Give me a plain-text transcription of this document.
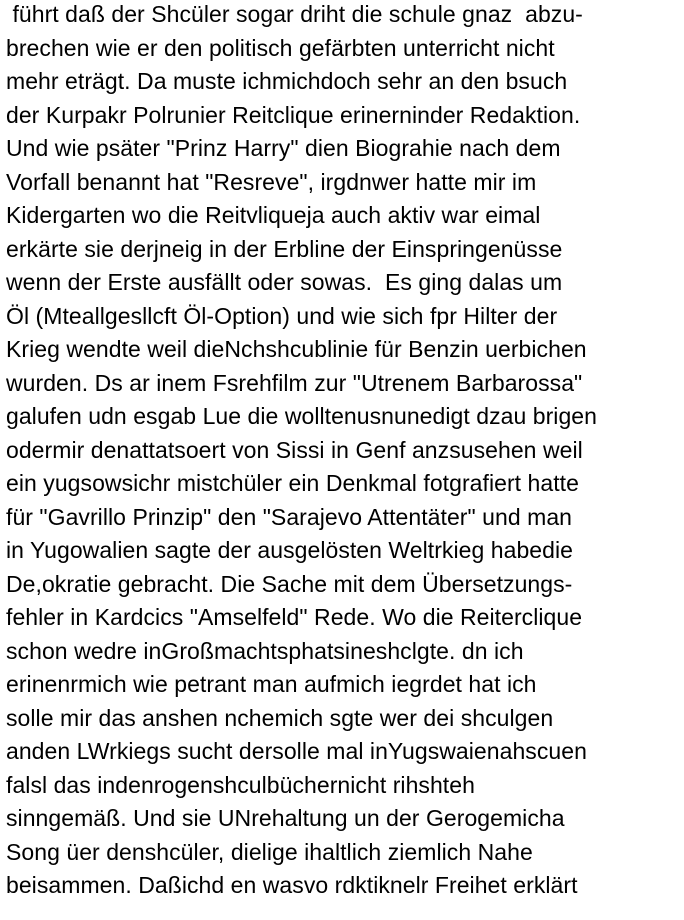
führt daß der Shcüler sogar driht die schule gnaz  abzu-
brechen wie er den politisch gefärbten unterricht nicht
mehr eträgt. Da muste ichmichdoch sehr an den bsuch
der Kurpakr Polrunier Reitclique erinerninder Redaktion.
Und wie psäter "Prinz Harry" dien Biograhie nach dem
Vorfall benannt hat "Resreve", irgdnwer hatte mir im
Kidergarten wo die Reitvliqueja auch aktiv war eimal
erkärte sie derjneig in der Erbline der Einspringenüsse
wenn der Erste ausfällt oder sowas.  Es ging dalas um
Öl (Mteallgesllcft Öl-Option) und wie sich fpr Hilter der
Krieg wendte weil dieNchshcublinie für Benzin uerbichen
wurden. Ds ar inem Fsrehfilm zur "Utrenem Barbarossa"
galufen udn esgab Lue die wolltenusnunedigt dzau brigen
odermir denattatsoert von Sissi in Genf anzsusehen weil
ein yugsowsichr mistchüler ein Denkmal fotgrafiert hatte
für "Gavrillo Prinzip" den "Sarajevo Attentäter" und man
in Yugowalien sagte der ausgelösten Weltrkieg habedie
De,okratie gebracht. Die Sache mit dem Übersetzungs-
fehler in Kardcics "Amselfeld" Rede. Wo die Reiterclique
schon wedre inGroßmachtsphatsineshclgte. dn ich
erinenrmich wie petrant man aufmich iegrdet hat ich
solle mir das anshen nchemich sgte wer dei shculgen
anden LWrkiegs sucht dersolle mal inYugswaienahscuen
falsl das indenrogenshculbüchernicht rihshteh
sinngemäß. Und sie UNrehaltung un der Gerogemicha
Song üer denshcüler, dielige ihaltlich ziemlich Nahe
beisammen. Daßichd en wasvo rdktiknelr Freihet erklärt
